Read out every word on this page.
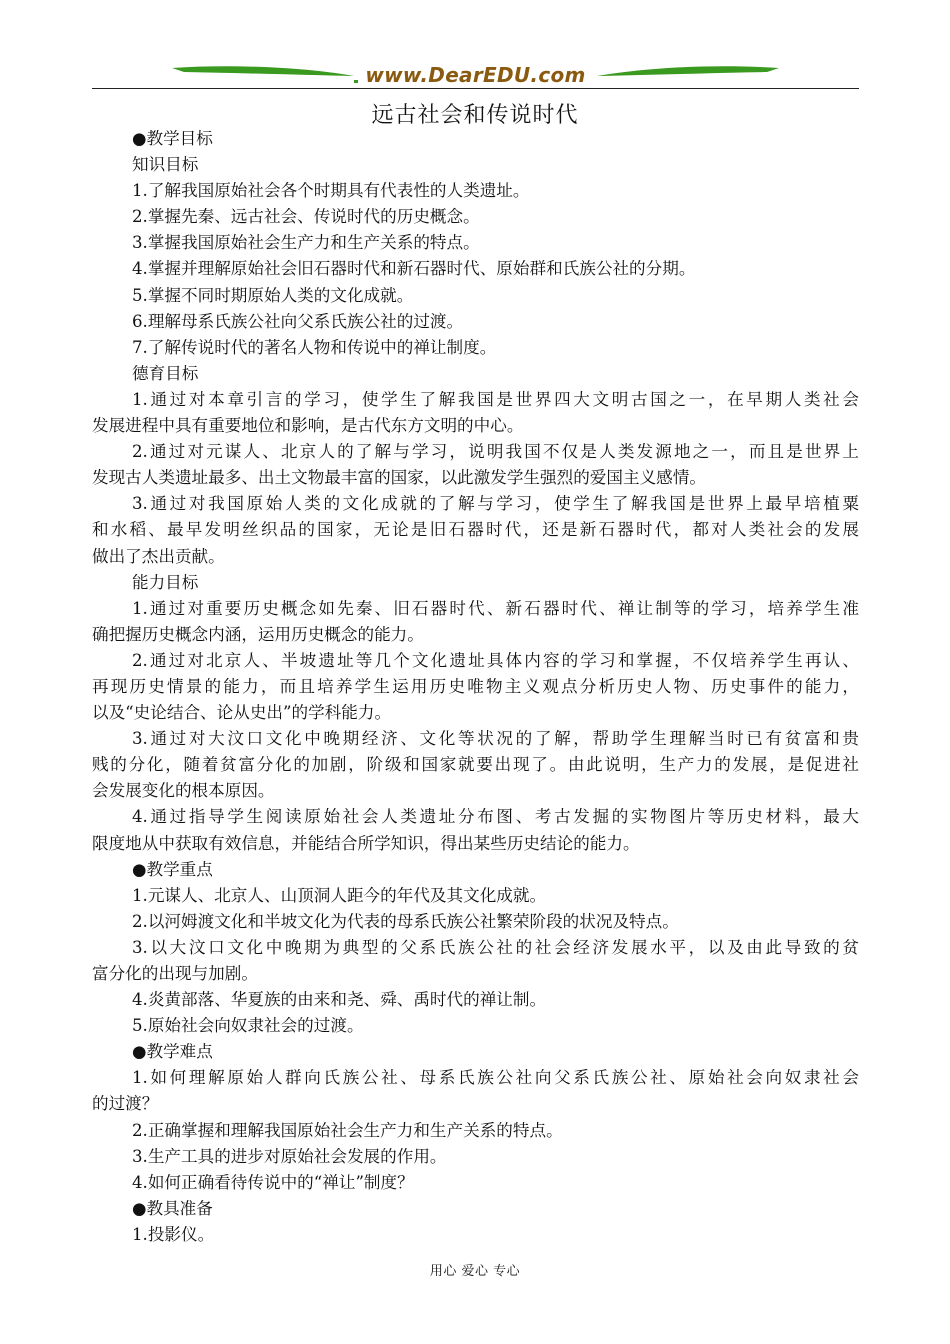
www.DearEDU.com
远古社会和传说时代
●教学目标
知识目标
1.了解我国原始社会各个时期具有代表性的人类遗址。
2.掌握先秦、远古社会、传说时代的历史概念。
3.掌握我国原始社会生产力和生产关系的特点。
4.掌握并理解原始社会旧石器时代和新石器时代、原始群和氏族公社的分期。
5.掌握不同时期原始人类的文化成就。
6.理解母系氏族公社向父系氏族公社的过渡。
7.了解传说时代的著名人物和传说中的禅让制度。
德育目标
1.通过对本章引言的学习，使学生了解我国是世界四大文明古国之一，在早期人类社会
发展进程中具有重要地位和影响，是古代东方文明的中心。
2.通过对元谋人、北京人的了解与学习，说明我国不仅是人类发源地之一，而且是世界上
发现古人类遗址最多、出土文物最丰富的国家，以此激发学生强烈的爱国主义感情。
3.通过对我国原始人类的文化成就的了解与学习，使学生了解我国是世界上最早培植粟
和水稻、最早发明丝织品的国家，无论是旧石器时代，还是新石器时代，都对人类社会的发展
做出了杰出贡献。
能力目标
1.通过对重要历史概念如先秦、旧石器时代、新石器时代、禅让制等的学习，培养学生准
确把握历史概念内涵，运用历史概念的能力。
2.通过对北京人、半坡遗址等几个文化遗址具体内容的学习和掌握，不仅培养学生再认、
再现历史情景的能力，而且培养学生运用历史唯物主义观点分析历史人物、历史事件的能力，
以及“史论结合、论从史出”的学科能力。
3.通过对大汶口文化中晚期经济、文化等状况的了解，帮助学生理解当时已有贫富和贵
贱的分化，随着贫富分化的加剧，阶级和国家就要出现了。由此说明，生产力的发展，是促进社
会发展变化的根本原因。
4.通过指导学生阅读原始社会人类遗址分布图、考古发掘的实物图片等历史材料，最大
限度地从中获取有效信息，并能结合所学知识，得出某些历史结论的能力。
●教学重点
1.元谋人、北京人、山顶洞人距今的年代及其文化成就。
2.以河姆渡文化和半坡文化为代表的母系氏族公社繁荣阶段的状况及特点。
3.以大汶口文化中晚期为典型的父系氏族公社的社会经济发展水平，以及由此导致的贫
富分化的出现与加剧。
4.炎黄部落、华夏族的由来和尧、舜、禹时代的禅让制。
5.原始社会向奴隶社会的过渡。
●教学难点
1.如何理解原始人群向氏族公社、母系氏族公社向父系氏族公社、原始社会向奴隶社会
的过渡？
2.正确掌握和理解我国原始社会生产力和生产关系的特点。
3.生产工具的进步对原始社会发展的作用。
4.如何正确看待传说中的“禅让”制度？
●教具准备
1.投影仪。
用心 爱心 专心
